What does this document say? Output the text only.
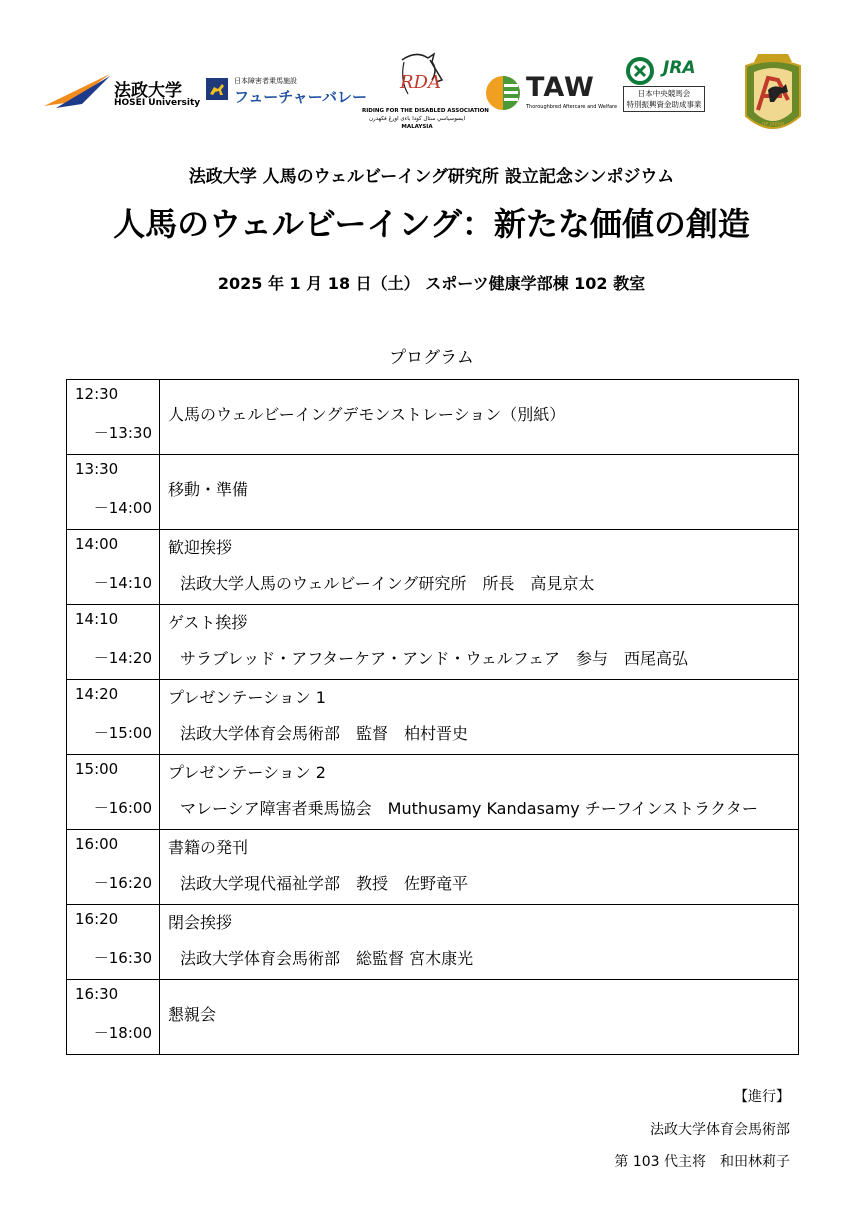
法政大学
HOSEI University
日本障害者乗馬施設
フューチャーバレー
RDA
RIDING FOR THE DISABLED ASSOCIATION
ايسوسياسي ستال كودا باءى اورڠ فكهدرن
MALAYSIA
TAW
Thoroughbred Aftercare and Welfare
JRA
日本中央競馬会
特別振興資金助成事業
OF JAPAN
法政大学 人馬のウェルビーイング研究所 設立記念シンポジウム
人馬のウェルビーイング：新たな価値の創造
2025 年 1 月 18 日（土） スポーツ健康学部棟 102 教室
プログラム
12:30
－13:30	人馬のウェルビーイングデモンストレーション（別紙）

13:30
－14:00	移動・準備

14:00
－14:10	歓迎挨拶
法政大学人馬のウェルビーイング研究所　所長　高見京太

14:10
－14:20	ゲスト挨拶
サラブレッド・アフターケア・アンド・ウェルフェア　参与　西尾高弘

14:20
－15:00	プレゼンテーション 1
法政大学体育会馬術部　監督　柏村晋史

15:00
－16:00	プレゼンテーション 2
マレーシア障害者乗馬協会　Muthusamy Kandasamy チーフインストラクター

16:00
－16:20	書籍の発刊
法政大学現代福祉学部　教授　佐野竜平

16:20
－16:30	閉会挨拶
法政大学体育会馬術部　総監督 宮木康光

16:30
－18:00	懇親会
【進行】
法政大学体育会馬術部
第 103 代主将　和田林莉子
